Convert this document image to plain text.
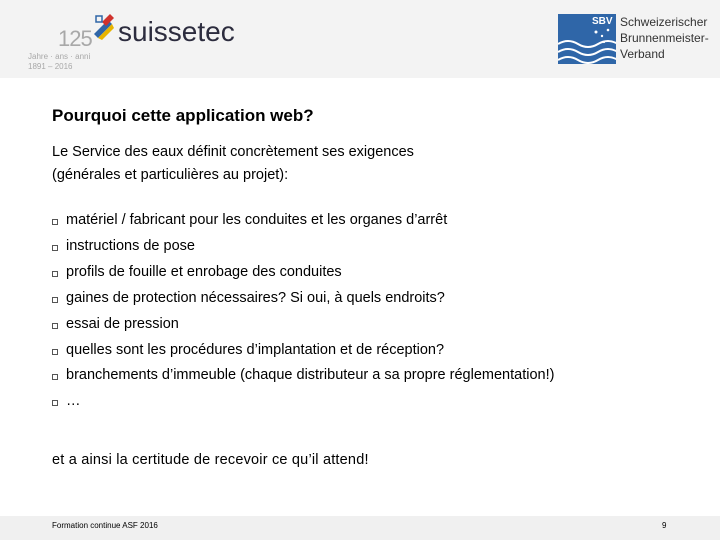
125
Jahre · ans · anni
1891 – 2016
suissetec	SBV Schweizerischer
Brunnenmeister-
Verband
Pourquoi cette application web?
Le Service des eaux définit concrètement ses exigences
(générales et particulières au projet):
matériel / fabricant pour les conduites et les organes d’arrêt
instructions de pose
profils de fouille et enrobage des conduites
gaines de protection nécessaires? Si oui, à quels endroits?
essai de pression
quelles sont les procédures d’implantation et de réception?
branchements d’immeuble (chaque distributeur a sa propre réglementation!)
…
et a ainsi la certitude de recevoir ce qu’il attend!
Formation continue ASF 2016	9
